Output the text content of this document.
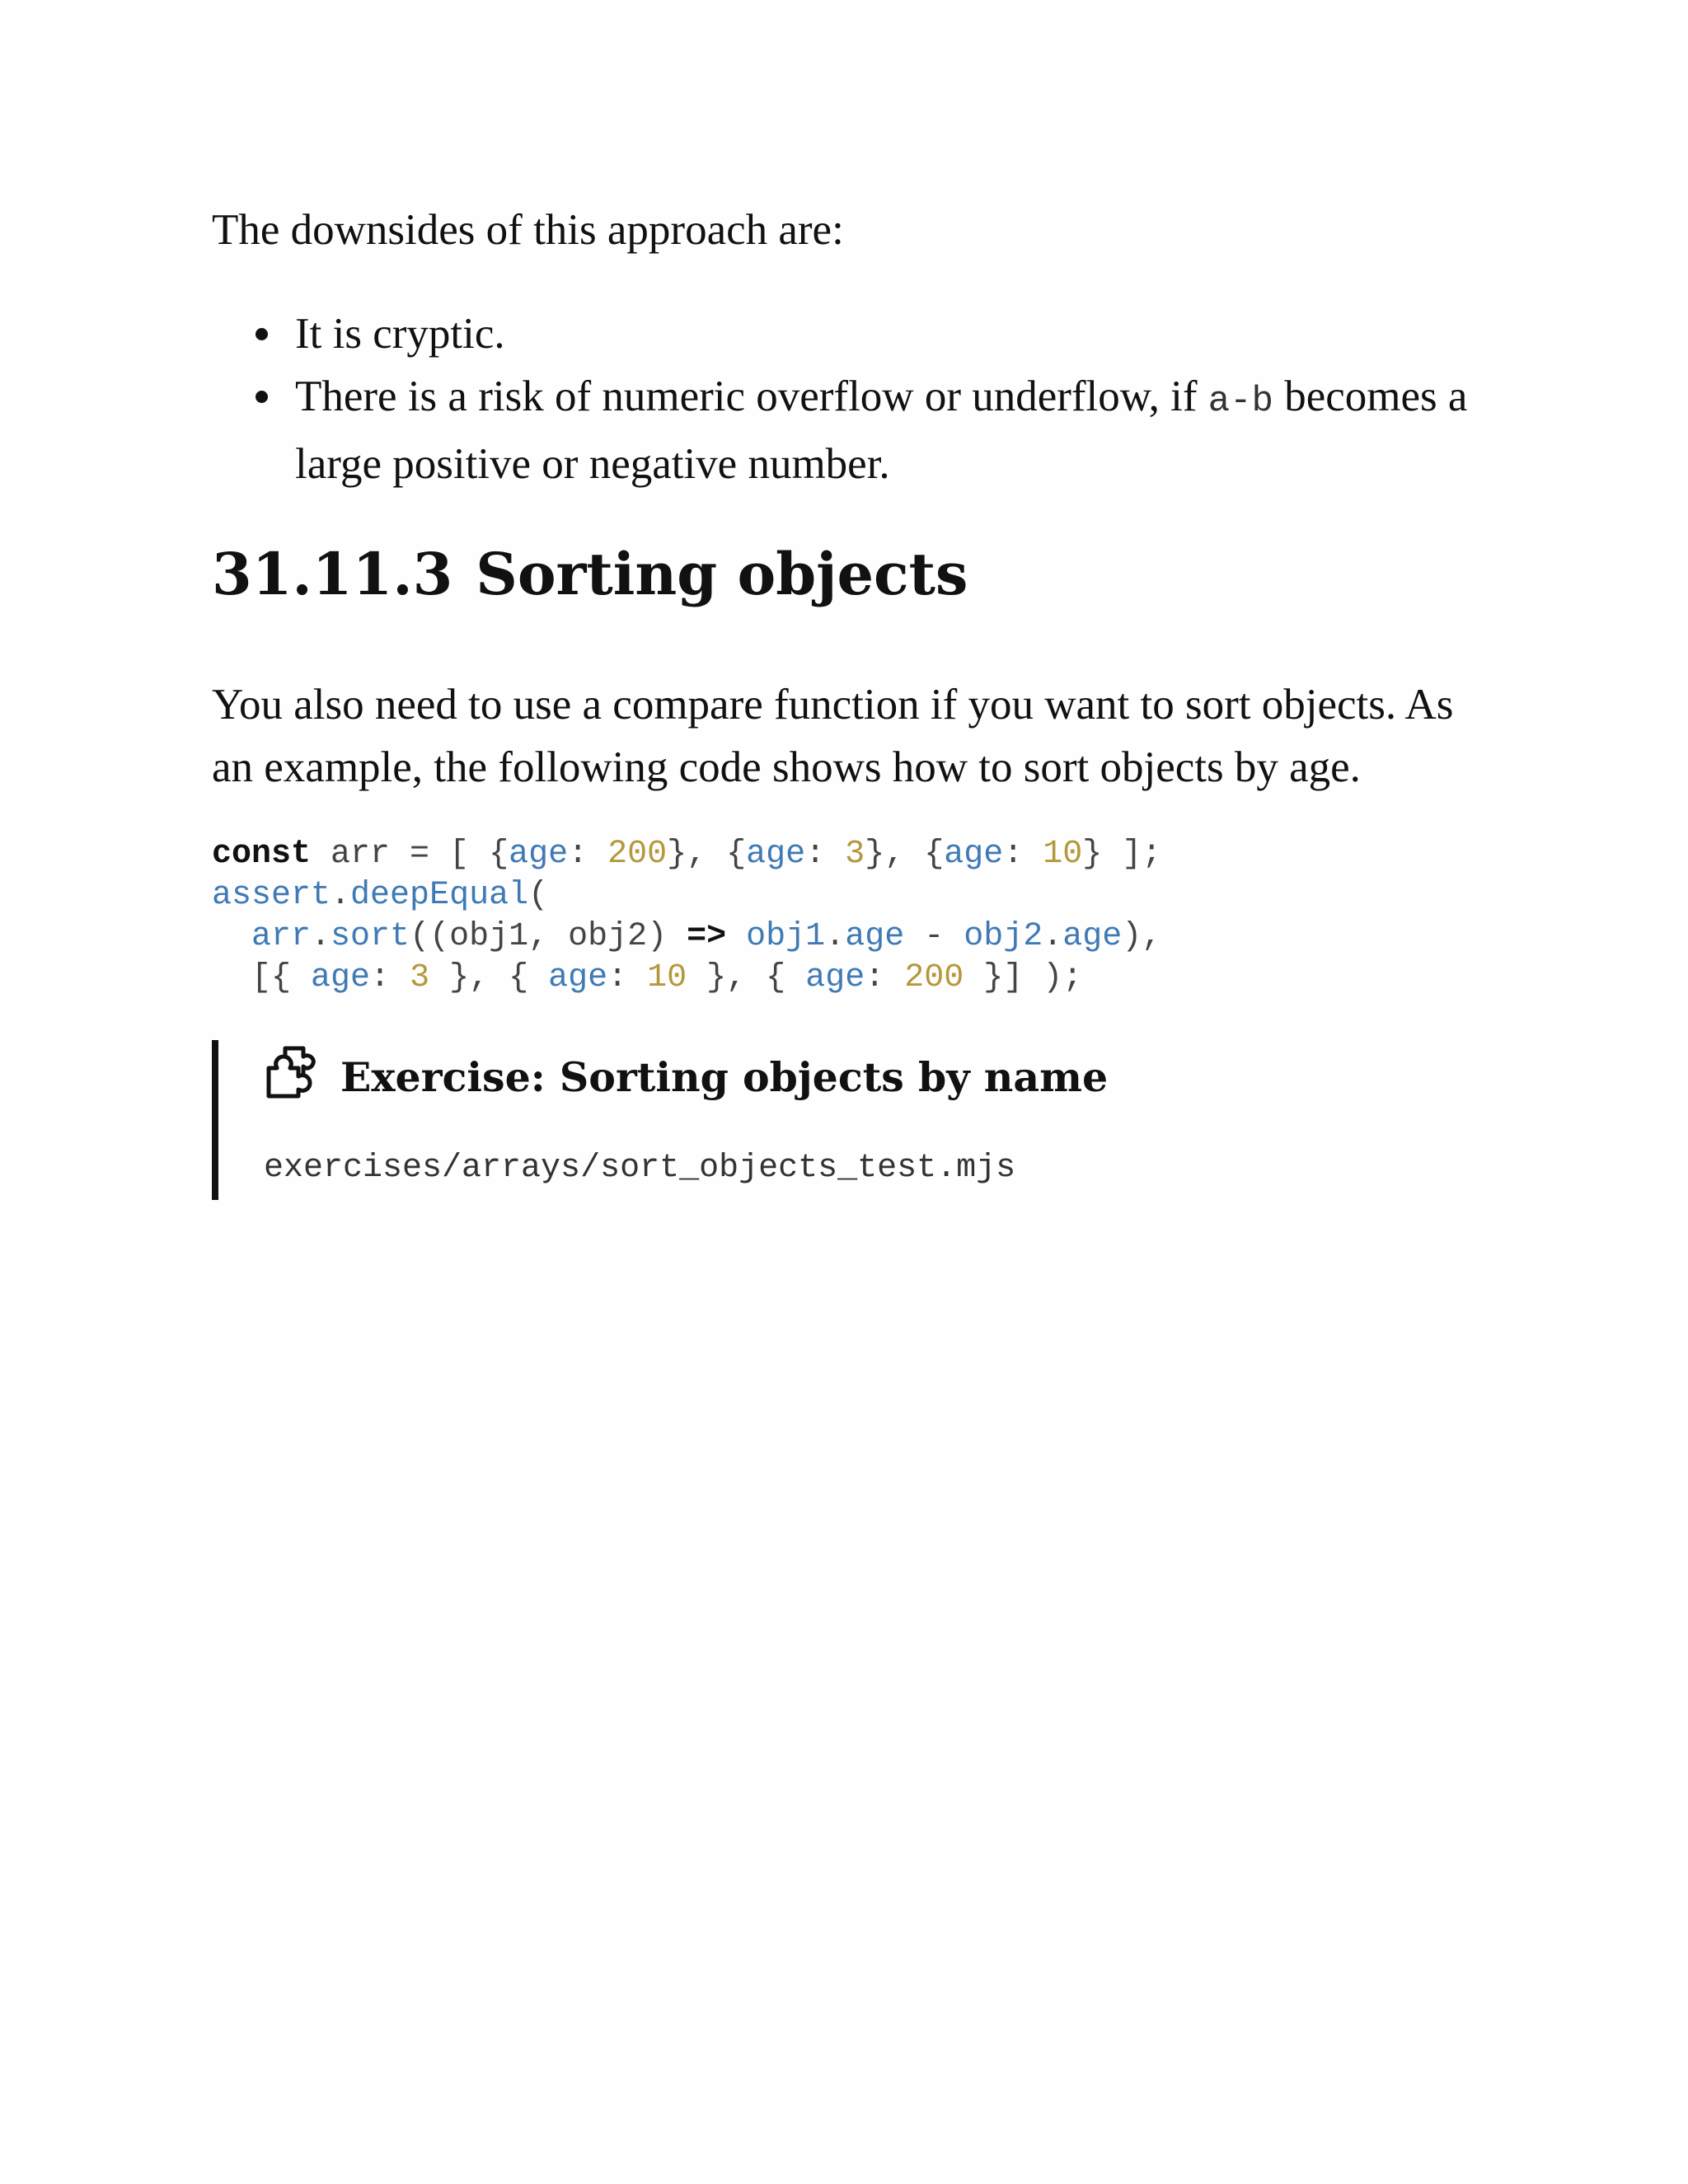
The downsides of this approach are:

It is cryptic.
There is a risk of numeric overflow or underflow, if a-b becomes a large positive or negative number.
31.11.3 Sorting objects

You also need to use a compare function if you want to sort objects. As an example, the following code shows how to sort objects by age.

const arr = [ {age: 200}, {age: 3}, {age: 10} ];
assert.deepEqual(
arr.sort((obj1, obj2) => obj1.age - obj2.age),
[{ age: 3 }, { age: 10 }, { age: 200 }] );
Exercise: Sorting objects by name

exercises/arrays/sort_objects_test.mjs
